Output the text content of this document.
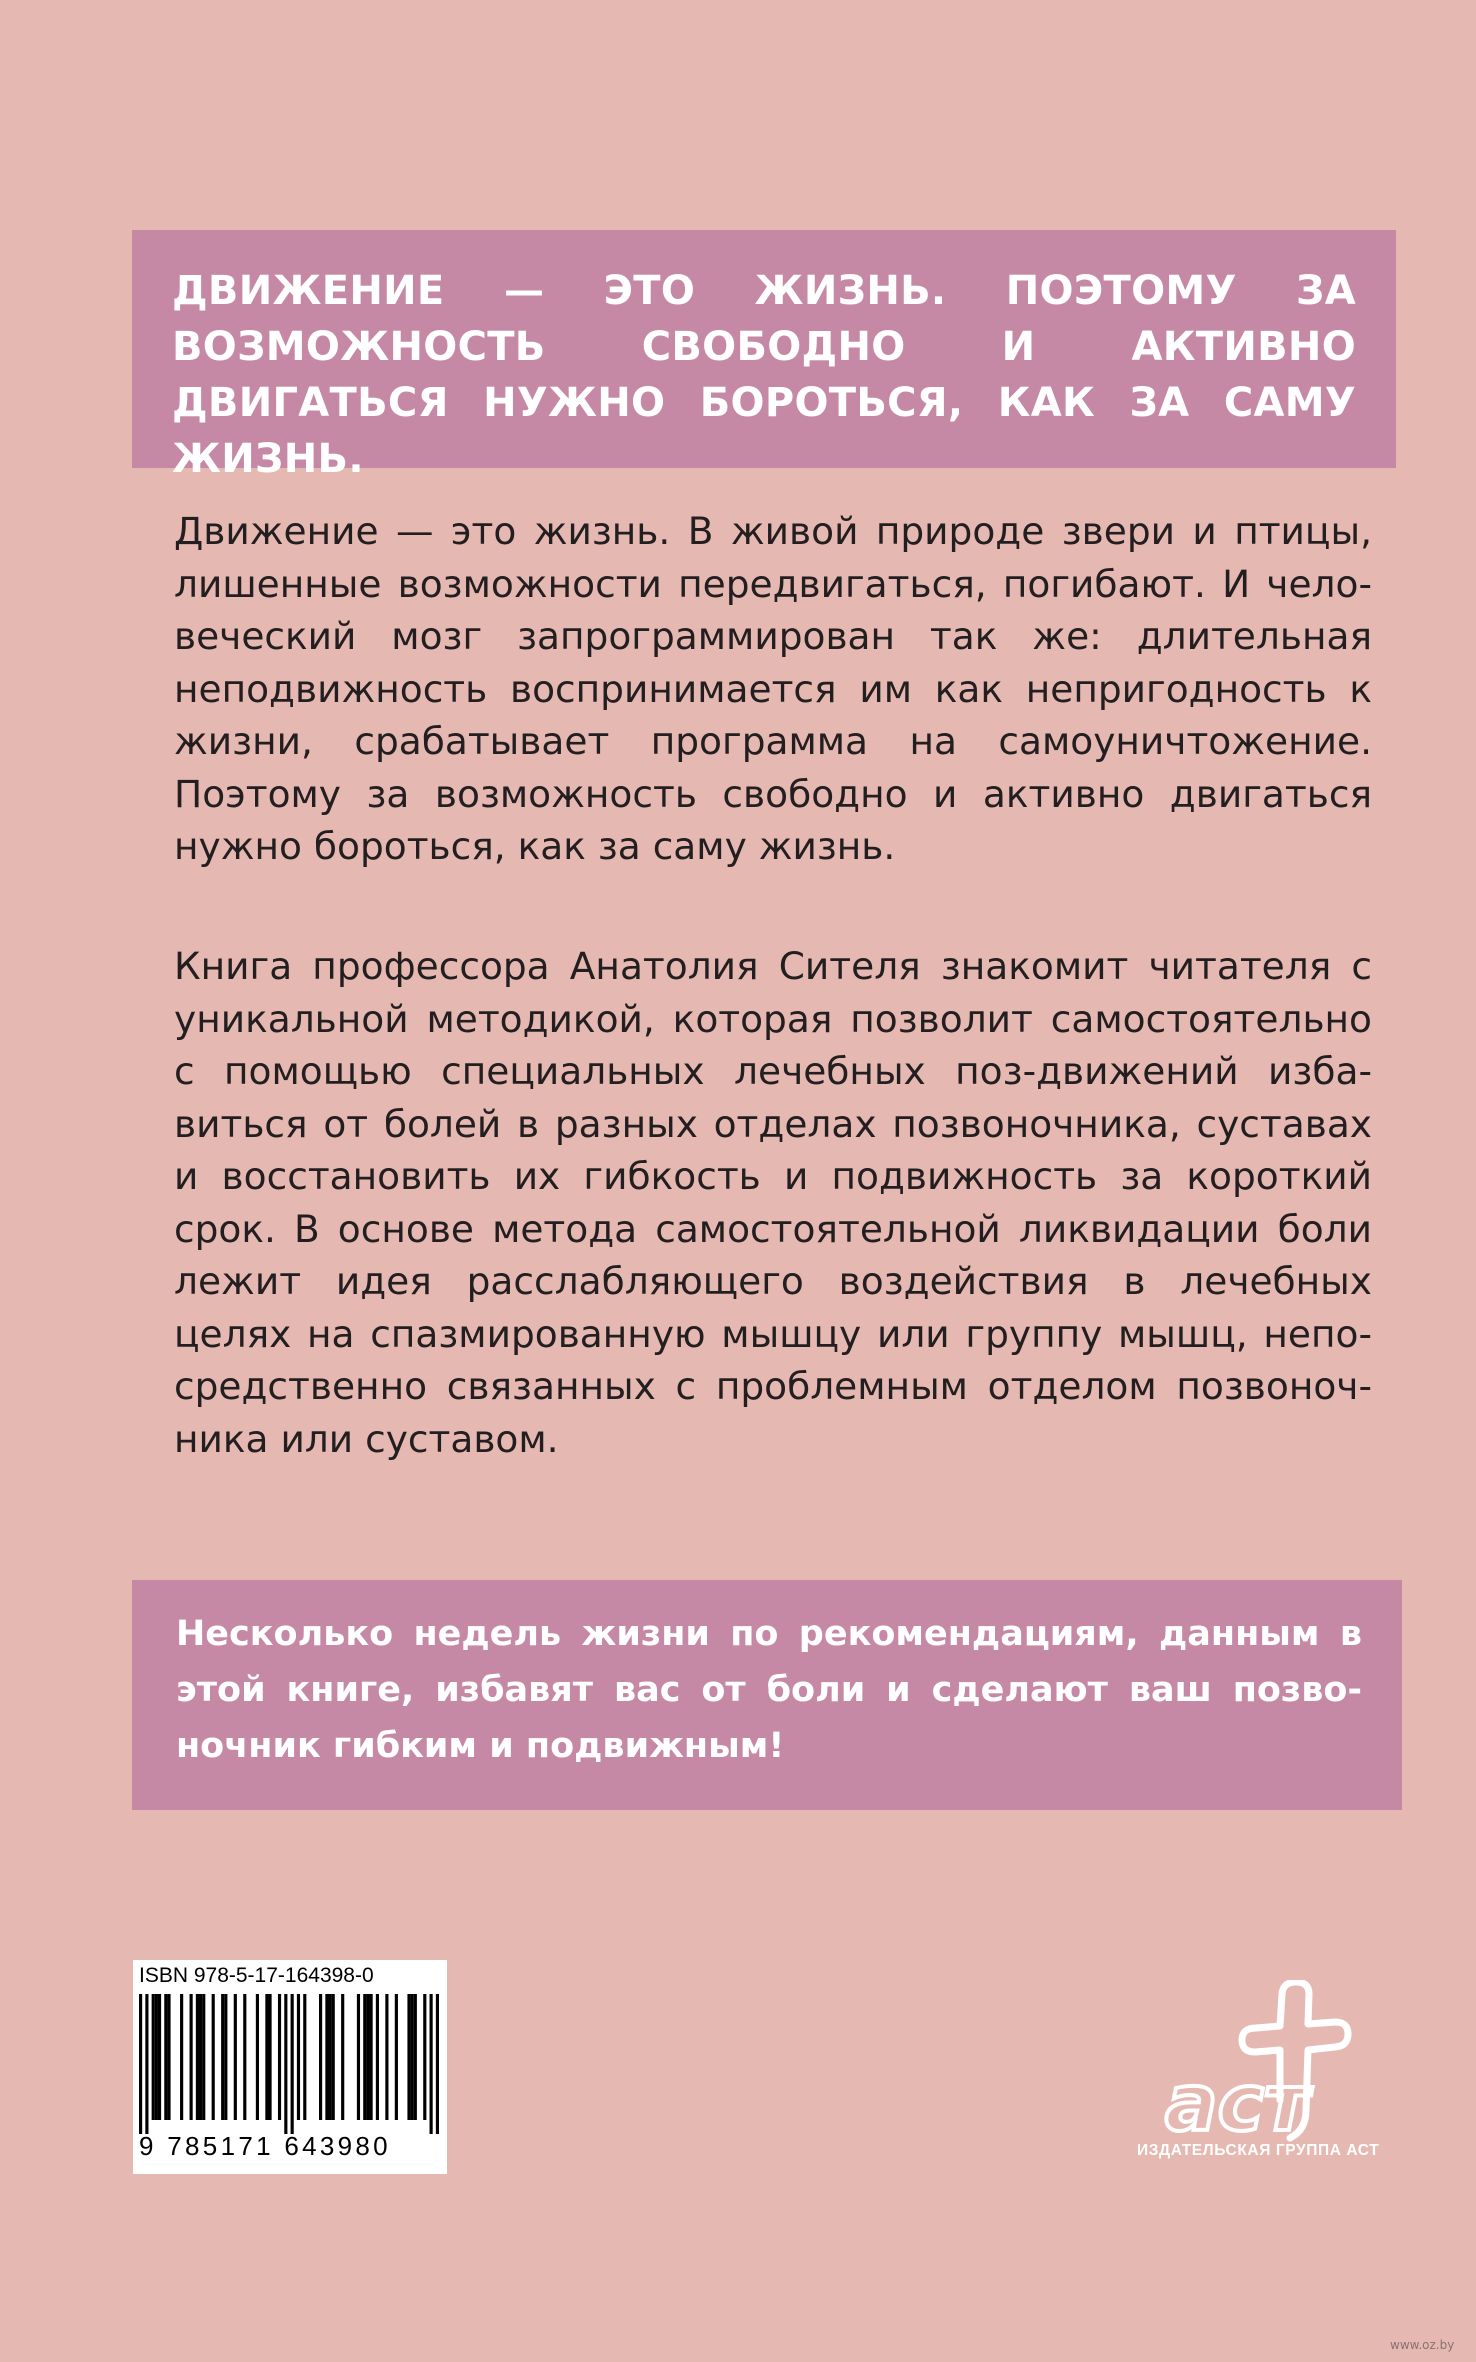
ДВИЖЕНИЕ — ЭТО ЖИЗНЬ. ПОЭТОМУ ЗА ВОЗМОЖНОСТЬ СВОБОДНО И АКТИВНО ДВИГАТЬСЯ НУЖНО БОРОТЬСЯ, КАК ЗА САМУ ЖИЗНЬ.

Движение — это жизнь. В живой природе звери и птицы, лишенные возможности передвигаться, погибают. И человеческий мозг запрограммирован так же: длительная неподвижность воспринимается им как непригодность к жизни, срабатывает программа на самоуничтожение. Поэтому за возможность свободно и активно двигаться нужно бороться, как за саму жизнь.

Книга профессора Анатолия Сителя знакомит читателя с уникальной методикой, которая позволит самостоятельно с помощью специальных лечебных поз-движений избавиться от болей в разных отделах позвоночника, суставах и восстановить их гибкость и подвижность за короткий срок. В основе метода самостоятельной ликвидации боли лежит идея расслабляющего воздействия в лечебных целях на спазмированную мышцу или группу мышц, непосредственно связанных с проблемным отделом позвоночника или суставом.

Несколько недель жизни по рекомендациям, данным в этой книге, избавят вас от боли и сделают ваш позвоночник гибким и подвижным!

ISBN 978-5-17-164398-0
9 785171 643980	аст
ИЗДАТЕЛЬСКАЯ ГРУППА АСТ
www.oz.by
